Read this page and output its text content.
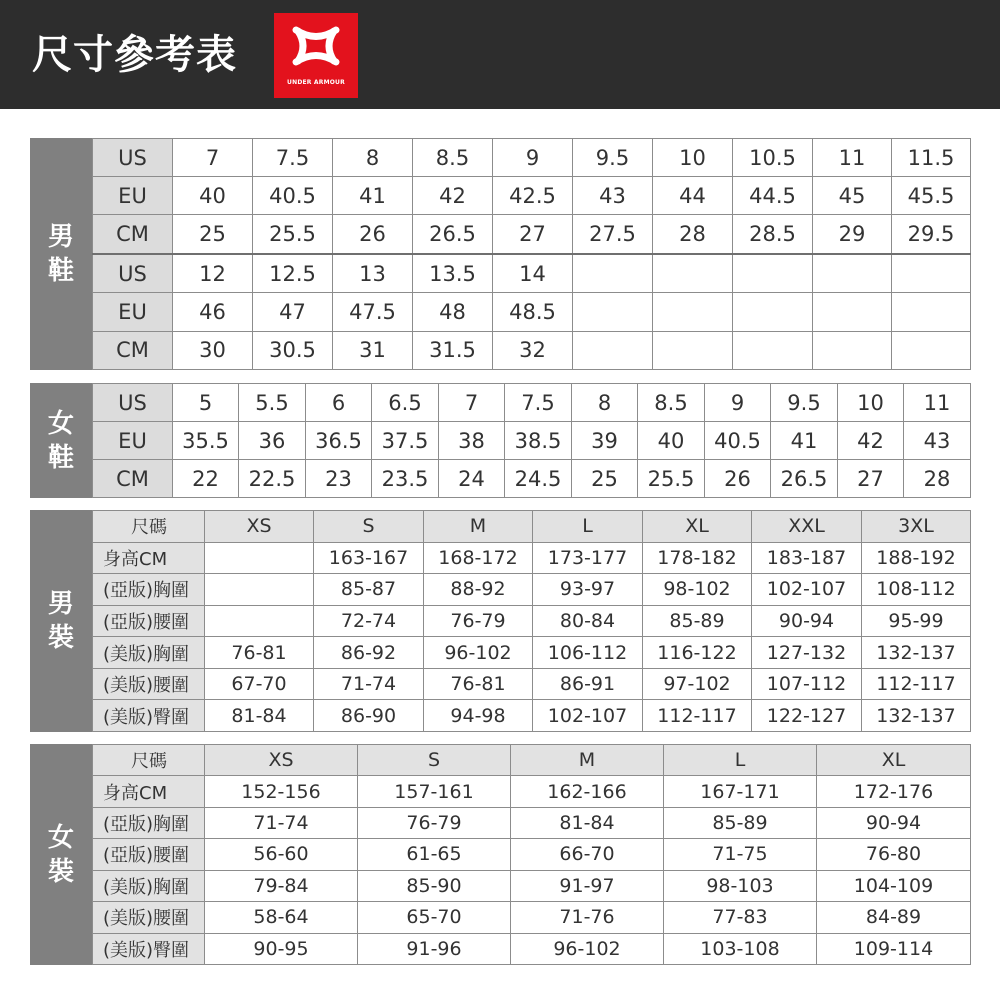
尺寸參考表
UNDER ARMOUR
男
鞋
US	7	7.5	8	8.5	9	9.5	10	10.5	11	11.5
EU	40	40.5	41	42	42.5	43	44	44.5	45	45.5
CM	25	25.5	26	26.5	27	27.5	28	28.5	29	29.5
US	12	12.5	13	13.5	14					
EU	46	47	47.5	48	48.5					
CM	30	30.5	31	31.5	32					
女
鞋
US	5	5.5	6	6.5	7	7.5	8	8.5	9	9.5	10	11
EU	35.5	36	36.5	37.5	38	38.5	39	40	40.5	41	42	43
CM	22	22.5	23	23.5	24	24.5	25	25.5	26	26.5	27	28
男
裝
尺碼	XS	S	M	L	XL	XXL	3XL
身高CM		163-167	168-172	173-177	178-182	183-187	188-192
(亞版)胸圍		85-87	88-92	93-97	98-102	102-107	108-112
(亞版)腰圍		72-74	76-79	80-84	85-89	90-94	95-99
(美版)胸圍	76-81	86-92	96-102	106-112	116-122	127-132	132-137
(美版)腰圍	67-70	71-74	76-81	86-91	97-102	107-112	112-117
(美版)臀圍	81-84	86-90	94-98	102-107	112-117	122-127	132-137
女
裝
尺碼	XS	S	M	L	XL
身高CM	152-156	157-161	162-166	167-171	172-176
(亞版)胸圍	71-74	76-79	81-84	85-89	90-94
(亞版)腰圍	56-60	61-65	66-70	71-75	76-80
(美版)胸圍	79-84	85-90	91-97	98-103	104-109
(美版)腰圍	58-64	65-70	71-76	77-83	84-89
(美版)臀圍	90-95	91-96	96-102	103-108	109-114
